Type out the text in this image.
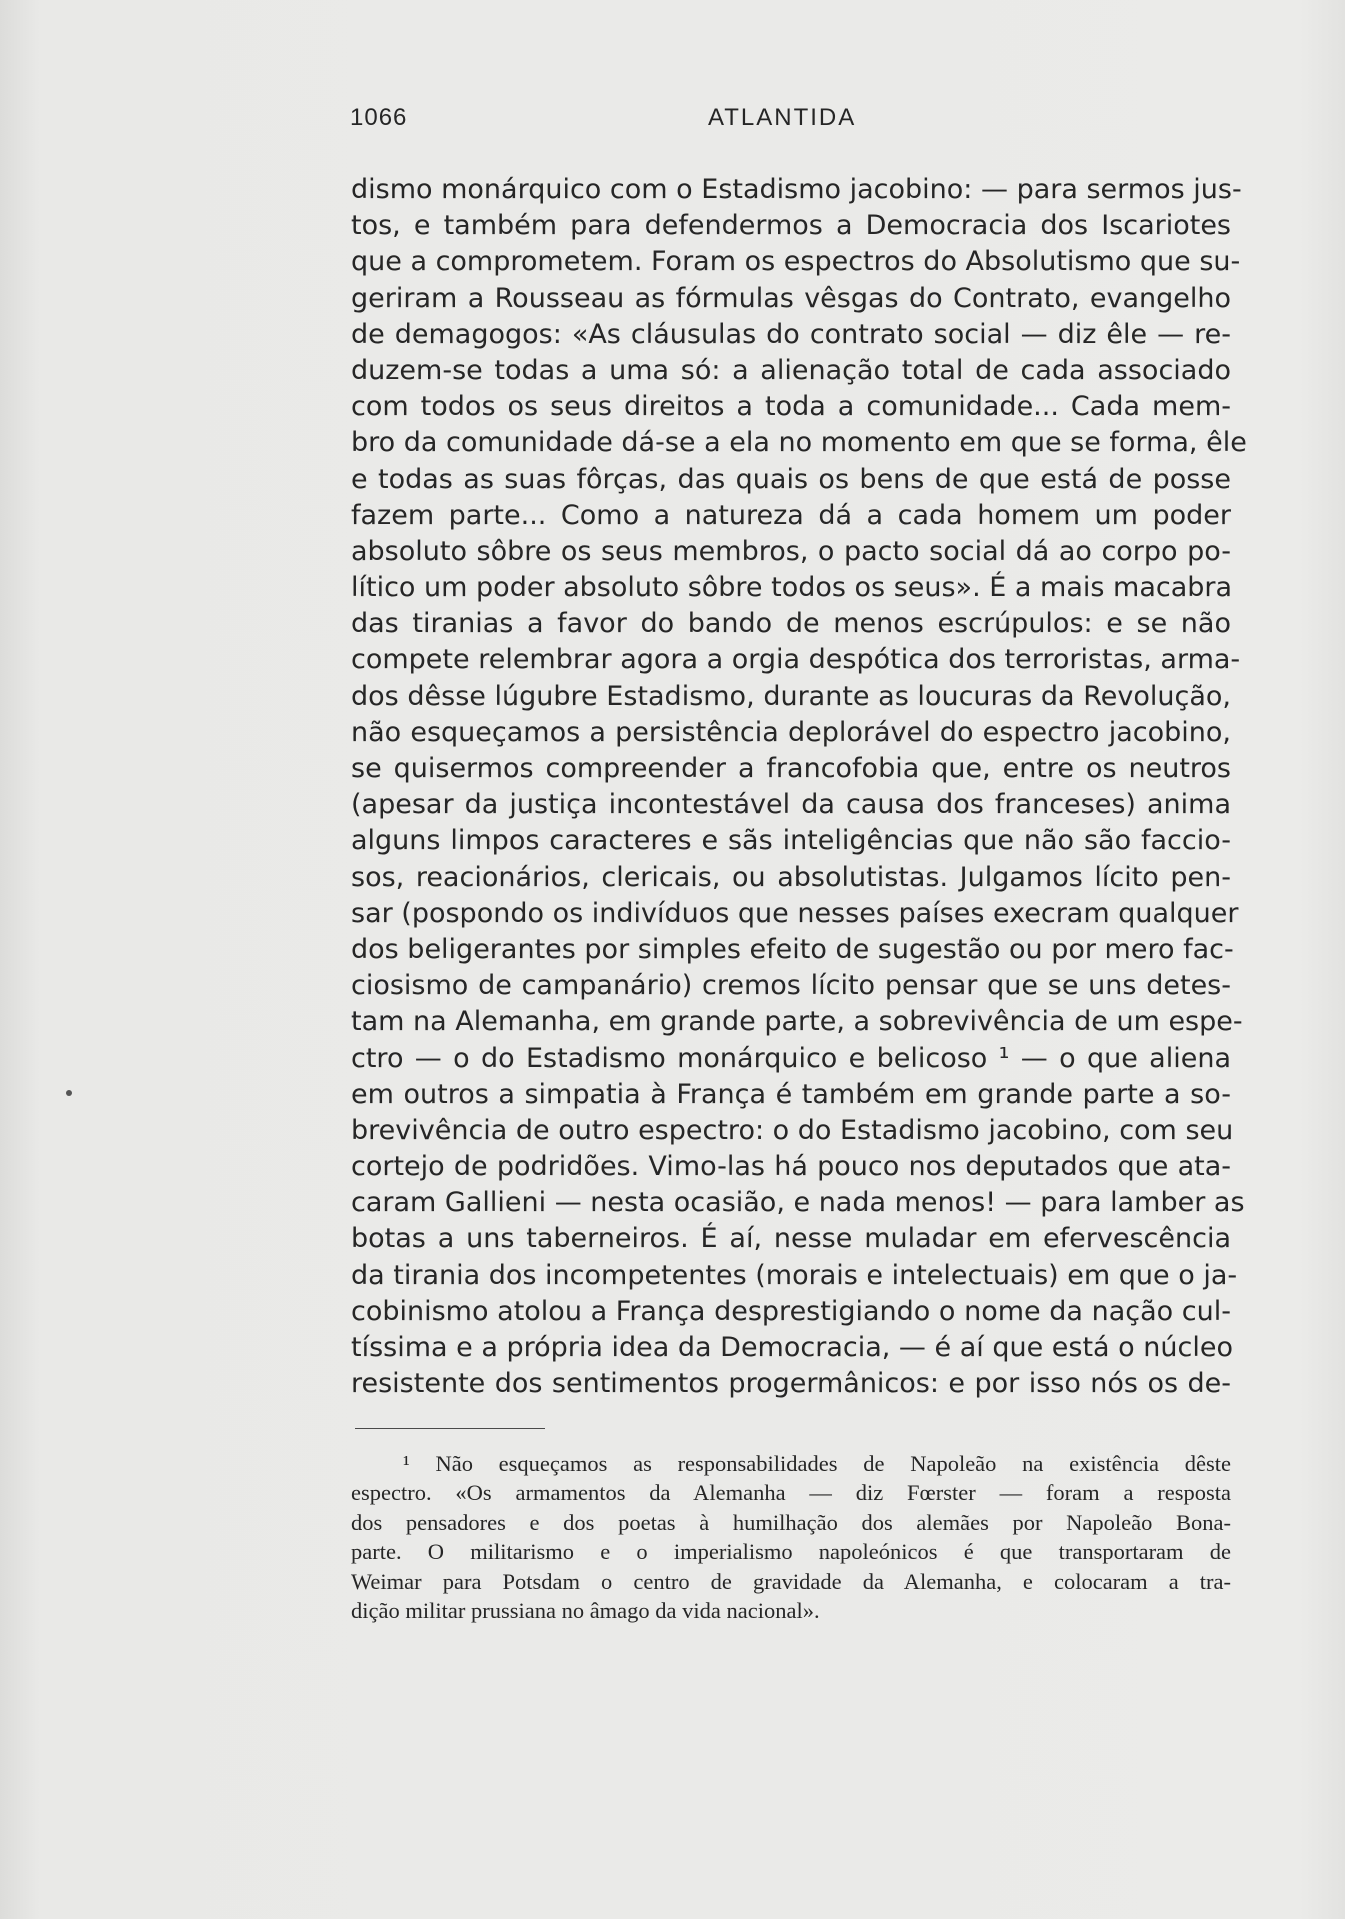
1066	ATLANTIDA
dismo monárquico com o Estadismo jacobino: — para sermos jus-
tos, e também para defendermos a Democracia dos Iscariotes
que a comprometem. Foram os espectros do Absolutismo que su-
geriram a Rousseau as fórmulas vêsgas do Contrato, evangelho
de demagogos: «As cláusulas do contrato social — diz êle — re-
duzem-se todas a uma só: a alienação total de cada associado
com todos os seus direitos a toda a comunidade... Cada mem-
bro da comunidade dá-se a ela no momento em que se forma, êle
e todas as suas fôrças, das quais os bens de que está de posse
fazem parte... Como a natureza dá a cada homem um poder
absoluto sôbre os seus membros, o pacto social dá ao corpo po-
lítico um poder absoluto sôbre todos os seus». É a mais macabra
das tiranias a favor do bando de menos escrúpulos: e se não
compete relembrar agora a orgia despótica dos terroristas, arma-
dos dêsse lúgubre Estadismo, durante as loucuras da Revolução,
não esqueçamos a persistência deplorável do espectro jacobino,
se quisermos compreender a francofobia que, entre os neutros
(apesar da justiça incontestável da causa dos franceses) anima
alguns limpos caracteres e sãs inteligências que não são faccio-
sos, reacionários, clericais, ou absolutistas. Julgamos lícito pen-
sar (pospondo os indivíduos que nesses países execram qualquer
dos beligerantes por simples efeito de sugestão ou por mero fac-
ciosismo de campanário) cremos lícito pensar que se uns detes-
tam na Alemanha, em grande parte, a sobrevivência de um espe-
ctro — o do Estadismo monárquico e belicoso ¹ — o que aliena
em outros a simpatia à França é também em grande parte a so-
brevivência de outro espectro: o do Estadismo jacobino, com seu
cortejo de podridões. Vimo-las há pouco nos deputados que ata-
caram Gallieni — nesta ocasião, e nada menos! — para lamber as
botas a uns taberneiros. É aí, nesse muladar em efervescência
da tirania dos incompetentes (morais e intelectuais) em que o ja-
cobinismo atolou a França desprestigiando o nome da nação cul-
tíssima e a própria idea da Democracia, — é aí que está o núcleo
resistente dos sentimentos progermânicos: e por isso nós os de-
¹ Não esqueçamos as responsabilidades de Napoleão na existência dêste
espectro. «Os armamentos da Alemanha — diz Fœrster — foram a resposta
dos pensadores e dos poetas à humilhação dos alemães por Napoleão Bona-
parte. O militarismo e o imperialismo napoleónicos é que transportaram de
Weimar para Potsdam o centro de gravidade da Alemanha, e colocaram a tra-
dição militar prussiana no âmago da vida nacional».
